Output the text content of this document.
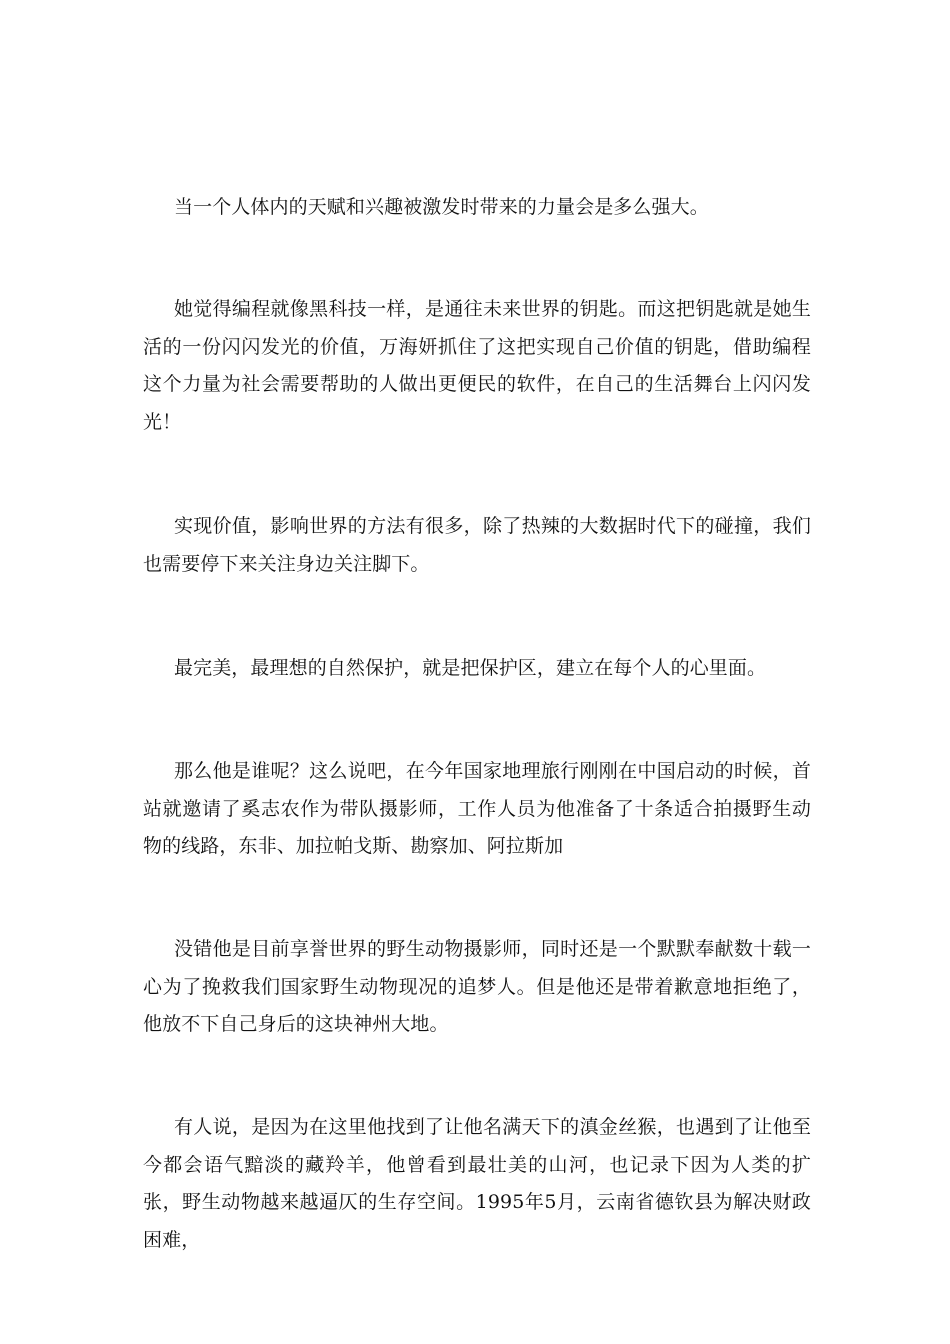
当一个人体内的天赋和兴趣被激发时带来的力量会是多么强大。

她觉得编程就像黑科技一样，是通往未来世界的钥匙。而这把钥匙就是她生活的一份闪闪发光的价值，万海妍抓住了这把实现自己价值的钥匙，借助编程这个力量为社会需要帮助的人做出更便民的软件，在自己的生活舞台上闪闪发光！

实现价值，影响世界的方法有很多，除了热辣的大数据时代下的碰撞，我们也需要停下来关注身边关注脚下。

最完美，最理想的自然保护，就是把保护区，建立在每个人的心里面。

那么他是谁呢？这么说吧，在今年国家地理旅行刚刚在中国启动的时候，首站就邀请了奚志农作为带队摄影师，工作人员为他准备了十条适合拍摄野生动物的线路，东非、加拉帕戈斯、勘察加、阿拉斯加

没错他是目前享誉世界的野生动物摄影师，同时还是一个默默奉献数十载一心为了挽救我们国家野生动物现况的追梦人。但是他还是带着歉意地拒绝了，他放不下自己身后的这块神州大地。

有人说，是因为在这里他找到了让他名满天下的滇金丝猴，也遇到了让他至今都会语气黯淡的藏羚羊，他曾看到最壮美的山河，也记录下因为人类的扩张，野生动物越来越逼仄的生存空间。1995年5月，云南省德钦县为解决财政困难，
